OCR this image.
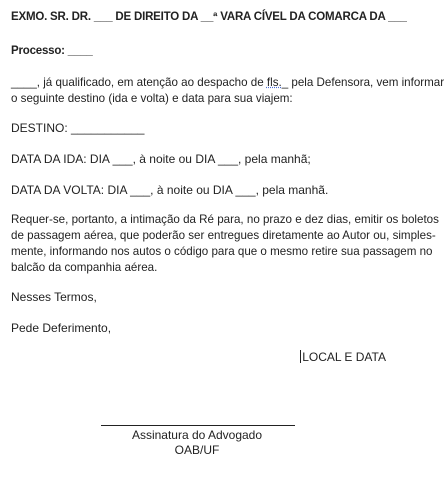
EXMO. SR. DR. ___ DE DIREITO DA __ª VARA CÍVEL DA COMARCA DA ___
Processo: ____
____, já qualificado, em atenção ao despacho de fls._ pela Defensora, vem informar
o seguinte destino (ida e volta) e data para sua viajem:
DESTINO: ___________
DATA DA IDA: DIA ___, à noite ou DIA ___, pela manhã;
DATA DA VOLTA: DIA ___, à noite ou DIA ___, pela manhã.
Requer-se, portanto, a intimação da Ré para, no prazo e dez dias, emitir os boletos
de passagem aérea, que poderão ser entregues diretamente ao Autor ou, simples-
mente, informando nos autos o código para que o mesmo retire sua passagem no
balcão da companhia aérea.
Nesses Termos,
Pede Deferimento,
LOCAL E DATA
Assinatura do Advogado
OAB/UF
